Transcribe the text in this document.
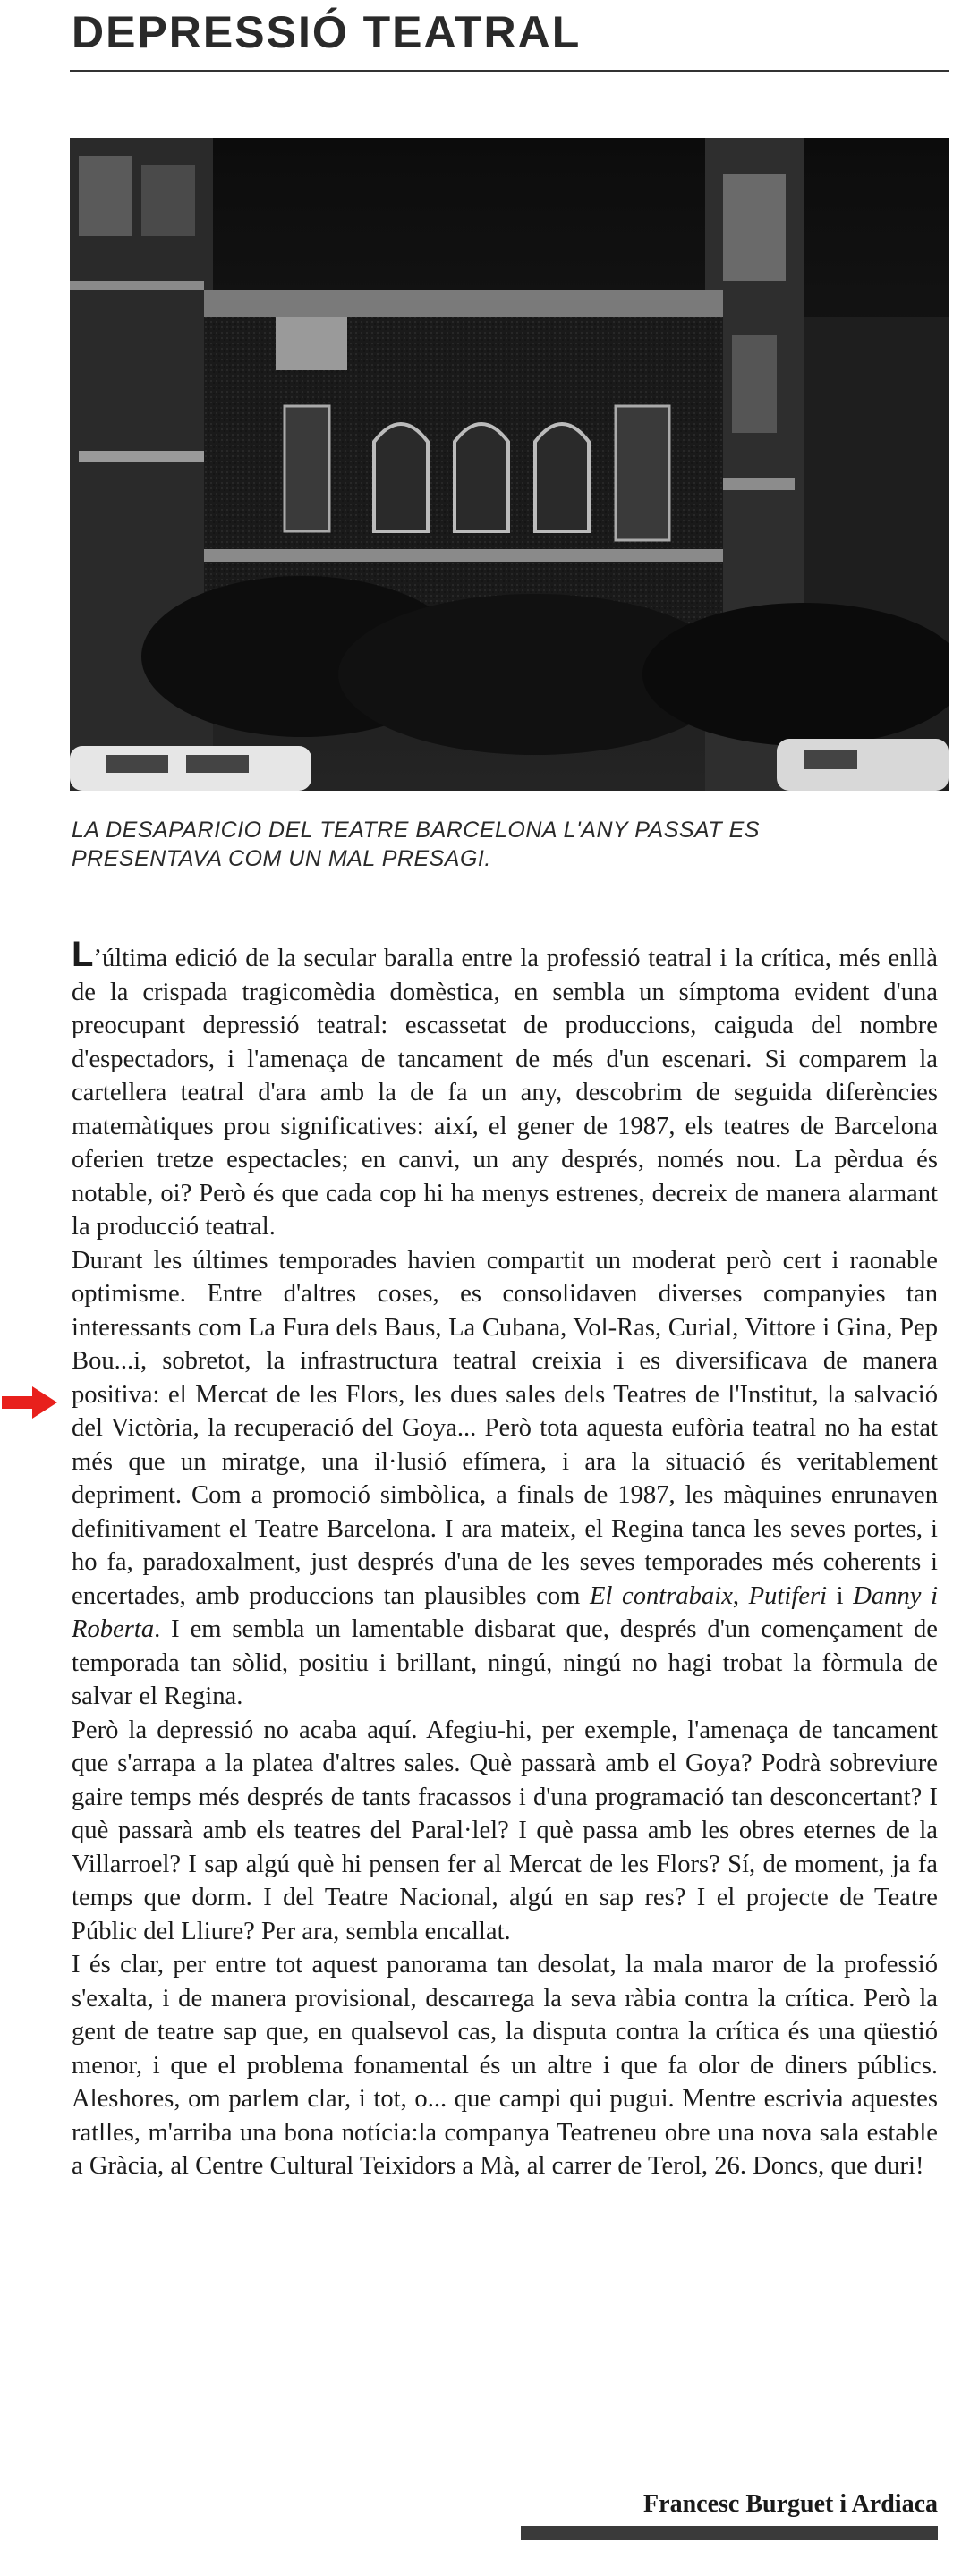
DEPRESSIÓ TEATRAL

LA DESAPARICIO DEL TEATRE BARCELONA L'ANY PASSAT ES PRESENTAVA COM UN MAL PRESAGI.

L’última edició de la secular baralla entre la professió teatral i la crítica, més enllà de la crispada tragicomèdia domèstica, en sembla un símptoma evident d'una preocupant depressió teatral: escassetat de produccions, caiguda del nombre d'espectadors, i l'amenaça de tancament de més d'un escenari. Si comparem la cartellera teatral d'ara amb la de fa un any, descobrim de seguida diferències matemàtiques prou significatives: així, el gener de 1987, els teatres de Barcelona oferien tretze espectacles; en canvi, un any després, només nou. La pèrdua és notable, oi? Però és que cada cop hi ha menys estrenes, decreix de manera alarmant la producció teatral.

Durant les últimes temporades havien compartit un moderat però cert i raonable optimisme. Entre d'altres coses, es consolidaven diverses companyies tan interessants com La Fura dels Baus, La Cubana, Vol-Ras, Curial, Vittore i Gina, Pep Bou...i, sobretot, la infrastructura teatral creixia i es diversificava de manera positiva: el Mercat de les Flors, les dues sales dels Teatres de l'Institut, la salvació del Victòria, la recuperació del Goya... Però tota aquesta eufòria teatral no ha estat més que un miratge, una il·lusió efímera, i ara la situació és veritablement depriment. Com a promoció simbòlica, a finals de 1987, les màquines enrunaven definitivament el Teatre Barcelona. I ara mateix, el Regina tanca les seves portes, i ho fa, paradoxalment, just després d'una de les seves temporades més coherents i encertades, amb produccions tan plausibles com El contrabaix, Putiferi i Danny i Roberta. I em sembla un lamentable disbarat que, després d'un començament de temporada tan sòlid, positiu i brillant, ningú, ningú no hagi trobat la fòrmula de salvar el Regina.

Però la depressió no acaba aquí. Afegiu-hi, per exemple, l'amenaça de tancament que s'arrapa a la platea d'altres sales. Què passarà amb el Goya? Podrà sobreviure gaire temps més després de tants fracassos i d'una programació tan desconcertant? I què passarà amb els teatres del Paral·lel? I què passa amb les obres eternes de la Villarroel? I sap algú què hi pensen fer al Mercat de les Flors? Sí, de moment, ja fa temps que dorm. I del Teatre Nacional, algú en sap res? I el projecte de Teatre Públic del Lliure? Per ara, sembla encallat.

I és clar, per entre tot aquest panorama tan desolat, la mala maror de la professió s'exalta, i de manera provisional, descarrega la seva ràbia contra la crítica. Però la gent de teatre sap que, en qualsevol cas, la disputa contra la crítica és una qüestió menor, i que el problema fonamental és un altre i que fa olor de diners públics. Aleshores, om parlem clar, i tot, o... que campi qui pugui. Mentre escrivia aquestes ratlles, m'arriba una bona notícia:la companya Teatreneu obre una nova sala estable a Gràcia, al Centre Cultural Teixidors a Mà, al carrer de Terol, 26. Doncs, que duri!

Francesc Burguet i Ardiaca
